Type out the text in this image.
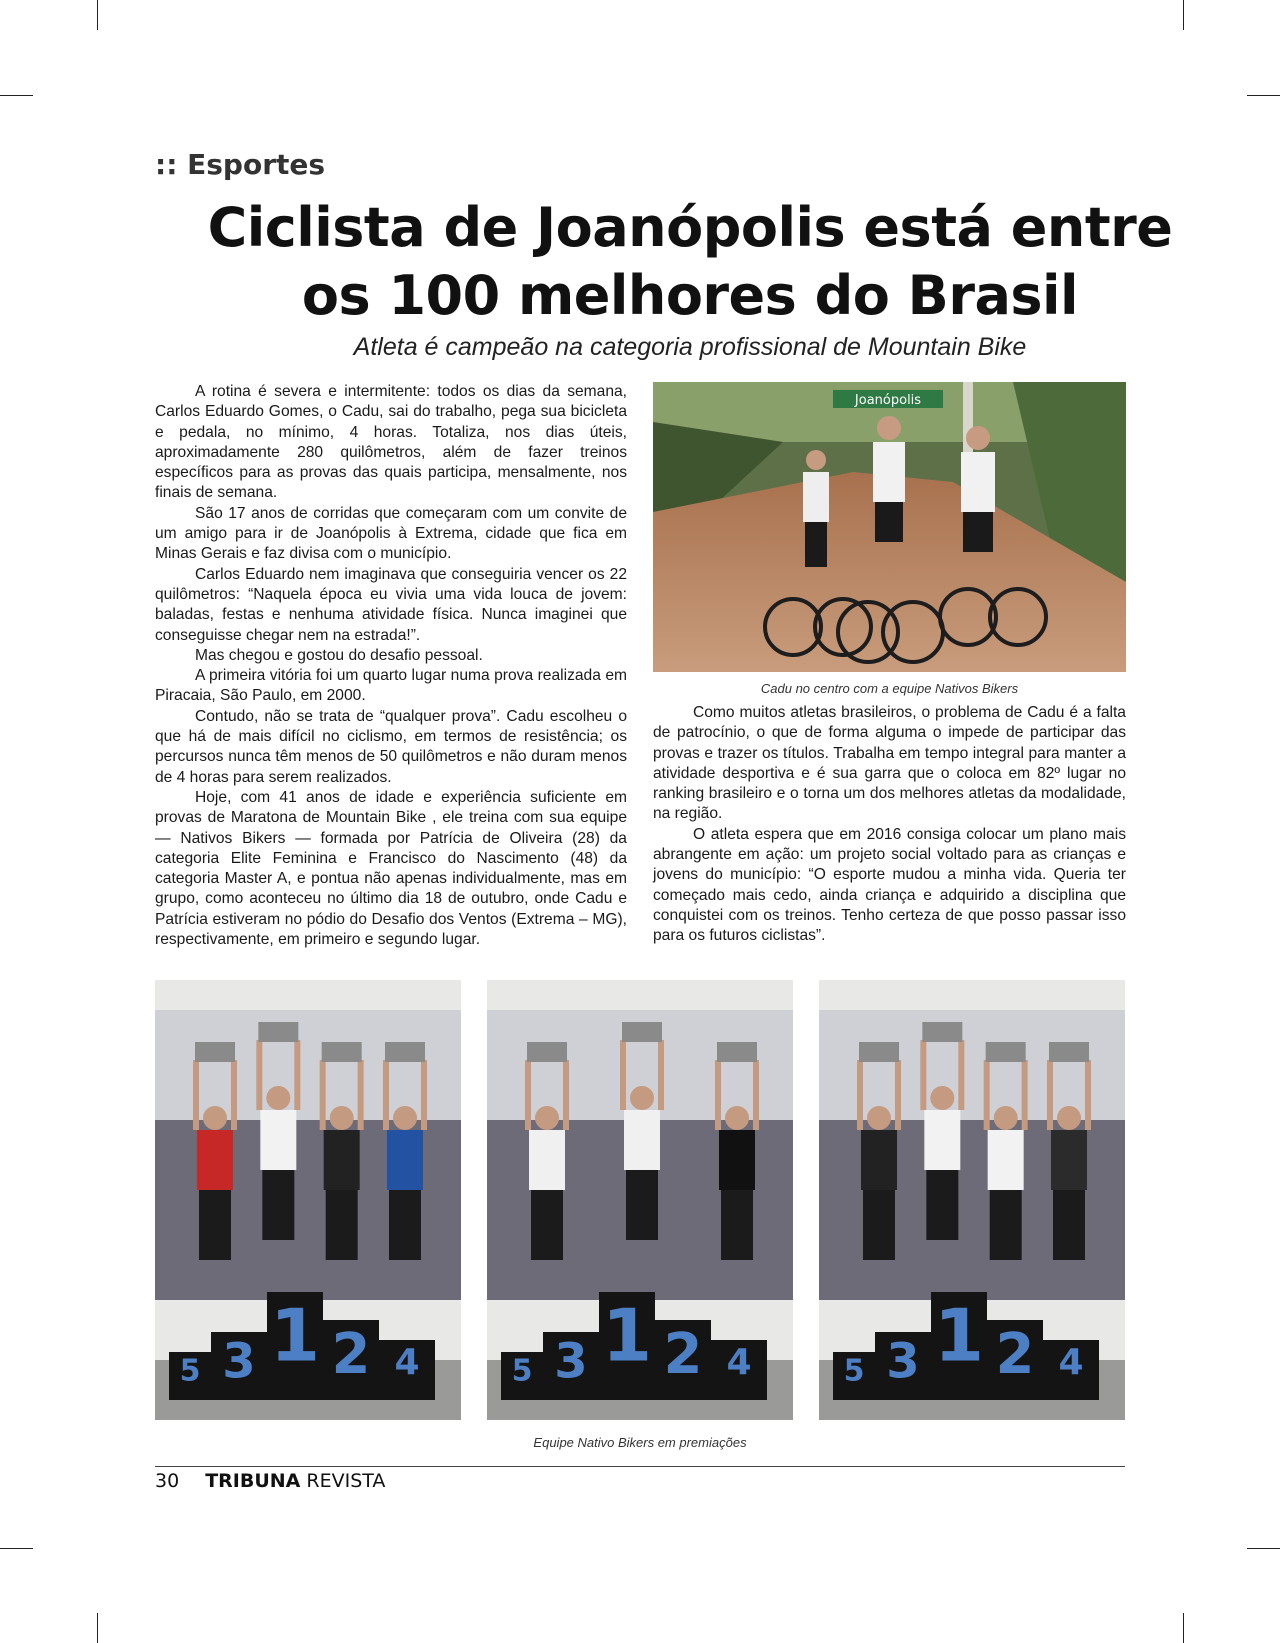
:: Esportes
Ciclista de Joanópolis está entre
os 100 melhores do Brasil
Atleta é campeão na categoria profissional de Mountain Bike

A rotina é severa e intermitente: todos os dias da semana, Carlos Eduardo Gomes, o Cadu, sai do trabalho, pega sua bicicleta e pedala, no mínimo, 4 horas. Totaliza, nos dias úteis, aproximadamente 280 quilômetros, além de fazer treinos específicos para as provas das quais participa, mensalmente, nos finais de semana.

São 17 anos de corridas que começaram com um convite de um amigo para ir de Joanópolis à Extrema, cidade que fica em Minas Gerais e faz divisa com o município.

Carlos Eduardo nem imaginava que conseguiria vencer os 22 quilômetros: “Naquela época eu vivia uma vida louca de jovem: baladas, festas e nenhuma atividade física. Nunca imaginei que conseguisse chegar nem na estrada!”.

Mas chegou e gostou do desafio pessoal.

A primeira vitória foi um quarto lugar numa prova realizada em Piracaia, São Paulo, em 2000.

Contudo, não se trata de “qualquer prova”. Cadu escolheu o que há de mais difícil no ciclismo, em termos de resistência; os percursos nunca têm menos de 50 quilômetros e não duram menos de 4 horas para serem realizados.

Hoje, com 41 anos de idade e experiência suficiente em provas de Maratona de Mountain Bike , ele treina com sua equipe — Nativos Bikers — formada por Patrícia de Oliveira (28) da categoria Elite Feminina e Francisco do Nascimento (48) da categoria Master A, e pontua não apenas individualmente, mas em grupo, como aconteceu no último dia 18 de outubro, onde Cadu e Patrícia estiveram no pódio do Desafio dos Ventos (Extrema – MG), respectivamente, em primeiro e segundo lugar.

Joanópolis
Cadu no centro com a equipe Nativos Bikers

Como muitos atletas brasileiros, o problema de Cadu é a falta de patrocínio, o que de forma alguma o impede de participar das provas e trazer os títulos. Trabalha em tempo integral para manter a atividade desportiva e é sua garra que o coloca em 82º lugar no ranking brasileiro e o torna um dos melhores atletas da modalidade, na região.

O atleta espera que em 2016 consiga colocar um plano mais abrangente em ação: um projeto social voltado para as crianças e jovens do município: “O esporte mudou a minha vida. Queria ter começado mais cedo, ainda criança e adquirido a disciplina que conquistei com os treinos. Tenho certeza de que posso passar isso para os futuros ciclistas”.

5 3 1 2 4	5 3 1 2 4	5 3 1 2 4
Equipe Nativo Bikers em premiações
30 TRIBUNA REVISTA
